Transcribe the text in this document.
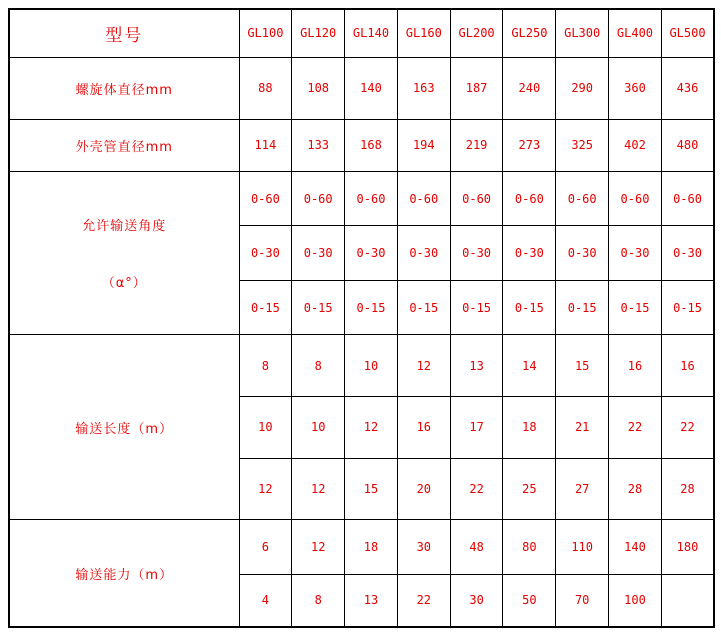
型号	GL100	GL120	GL140	GL160	GL200	GL250	GL300	GL400	GL500
螺旋体直径mm	88	108	140	163	187	240	290	360	436
外壳管直径mm	114	133	168	194	219	273	325	402	480

允许输送角度
（α°）	0-60	0-60	0-60	0-60	0-60	0-60	0-60	0-60	0-60
	0-30	0-30	0-30	0-30	0-30	0-30	0-30	0-30	0-30
	0-15	0-15	0-15	0-15	0-15	0-15	0-15	0-15	0-15
输送长度（m）	8	8	10	12	13	14	15	16	16
	10	10	12	16	17	18	21	22	22
	12	12	15	20	22	25	27	28	28
输送能力（m）	6	12	18	30	48	80	110	140	180
	4	8	13	22	30	50	70	100	
